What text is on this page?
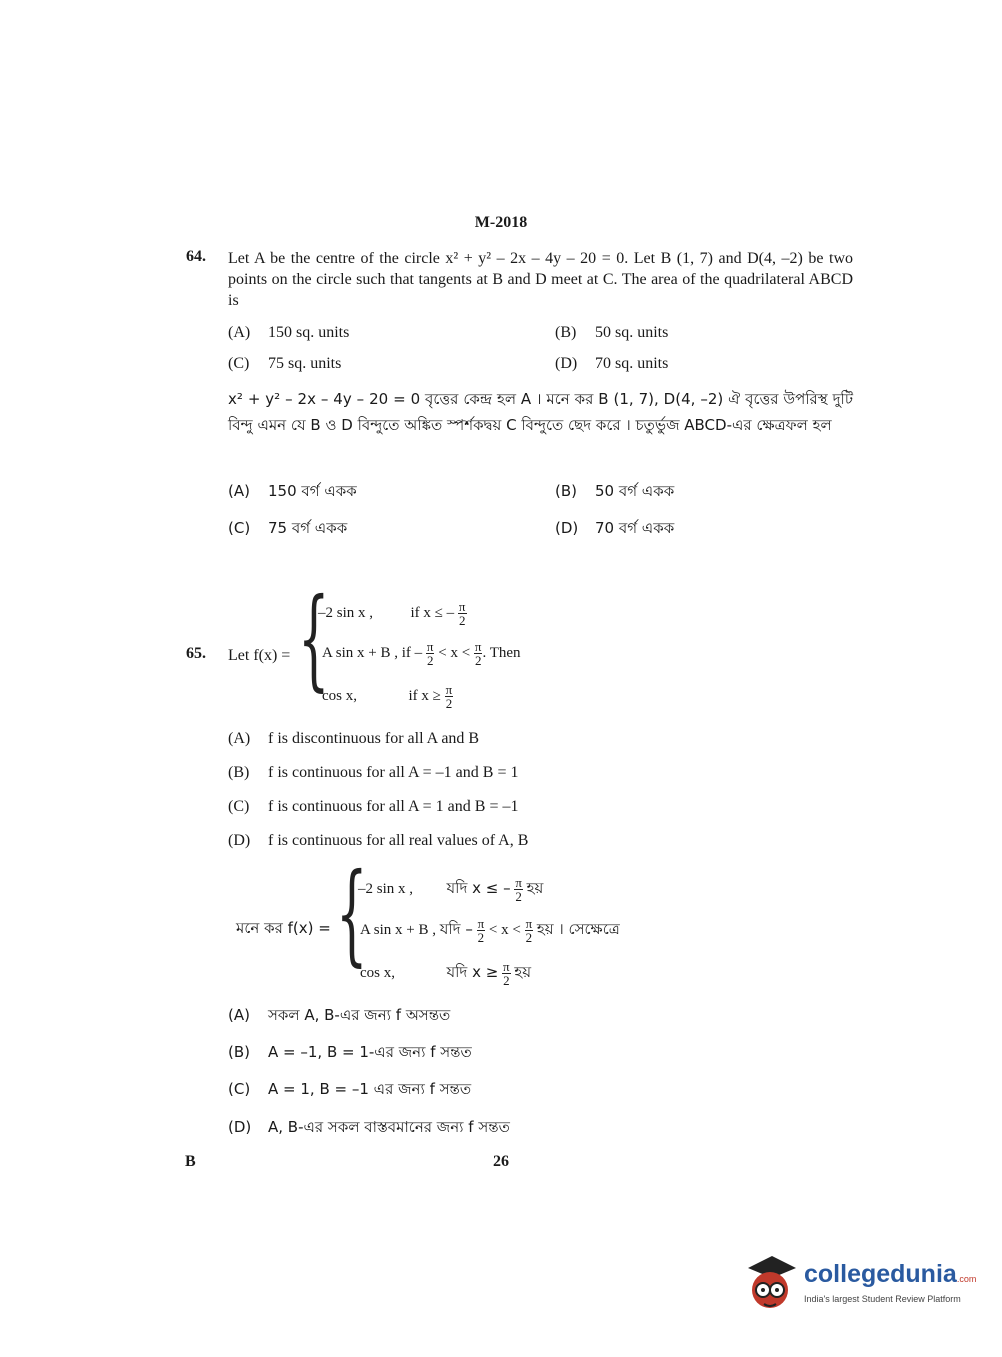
M-2018
64. Let A be the centre of the circle x² + y² – 2x – 4y – 20 = 0. Let B (1, 7) and D(4, –2) be two points on the circle such that tangents at B and D meet at C. The area of the quadrilateral ABCD is
(A) 150 sq. units	(B) 50 sq. units
(C) 75 sq. units	(D) 70 sq. units
x² + y² – 2x – 4y – 20 = 0 বৃত্তের কেন্দ্র হল A । মনে কর B (1, 7), D(4, –2) ঐ বৃত্তের উপরিস্থ দুটি বিন্দু এমন যে B ও D বিন্দুতে অঙ্কিত স্পর্শকদ্বয় C বিন্দুতে ছেদ করে । চতুর্ভুজ ABCD-এর ক্ষেত্রফল হল
(A) 150 বর্গ একক	(B) 50 বর্গ একক
(C) 75 বর্গ একক	(D) 70 বর্গ একক
65. Let f(x) = {
–2 sin x ,	if x ≤ – $\frac{\pi}{2}$
A sin x + B , if – $\frac{\pi}{2} < x < \frac{\pi}{2}$ . Then
cos x,	if $x \ge \frac{\pi}{2}$
(A) f is discontinuous for all A and B
(B) f is continuous for all A = –1 and B = 1
(C) f is continuous for all A = 1 and B = –1
(D) f is continuous for all real values of A, B
মনে কর f(x) = {
–2 sin x , যদি x ≤ – $\frac{\pi}{2}$ হয়
A sin x + B , যদি – $\frac{\pi}{2} < x < \frac{\pi}{2}$ হয় । সেক্ষেত্রে
cos x,	যদি $x \ge \frac{\pi}{2}$ হয়
(A) সকল A, B-এর জন্য f অসন্তত
(B) A = –1, B = 1-এর জন্য f সন্তত
(C) A = 1, B = –1 এর জন্য f সন্তত
(D) A, B-এর সকল বাস্তবমানের জন্য f সন্তত
B	26
collegedunia.com
India's largest Student Review Platform
